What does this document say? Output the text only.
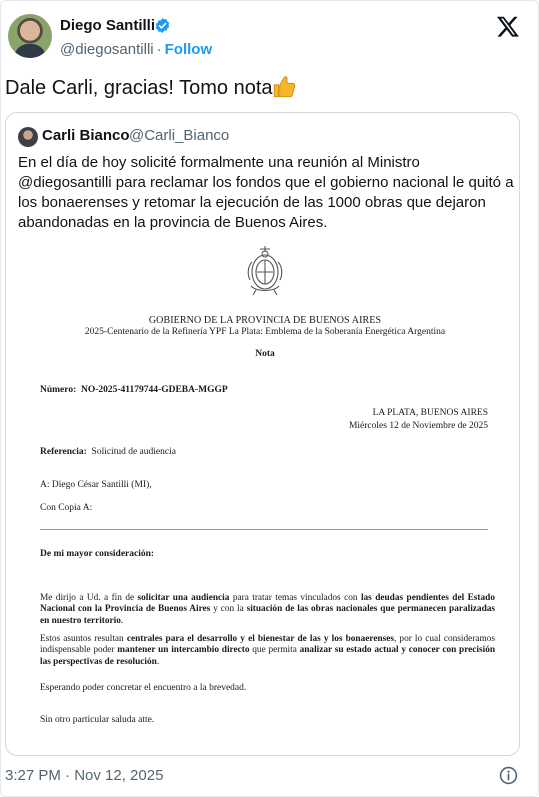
Diego Santilli
@diegosantilli · Follow
Dale Carli, gracias! Tomo nota
Carli Bianco @Carli_Bianco
En el día de hoy solicité formalmente una reunión al Ministro @diegosantilli para reclamar los fondos que el gobierno nacional le quitó a los bonaerenses y retomar la ejecución de las 1000 obras que dejaron abandonadas en la provincia de Buenos Aires.
GOBIERNO DE LA PROVINCIA DE BUENOS AIRES
2025-Centenario de la Refinería YPF La Plata: Emblema de la Soberanía Energética Argentina
Nota
Número: NO-2025-41179744-GDEBA-MGGP
LA PLATA, BUENOS AIRES
Miércoles 12 de Noviembre de 2025
Referencia: Solicitud de audiencia
A: Diego César Santilli (MI),
Con Copia A:
De mi mayor consideración:
Me dirijo a Ud. a fin de solicitar una audiencia para tratar temas vinculados con las deudas pendientes del Estado Nacional con la Provincia de Buenos Aires y con la situación de las obras nacionales que permanecen paralizadas en nuestro territorio.
Estos asuntos resultan centrales para el desarrollo y el bienestar de las y los bonaerenses, por lo cual consideramos indispensable poder mantener un intercambio directo que permita analizar su estado actual y conocer con precisión las perspectivas de resolución.
Esperando poder concretar el encuentro a la brevedad.
Sin otro particular saluda atte.
3:27 PM · Nov 12, 2025
